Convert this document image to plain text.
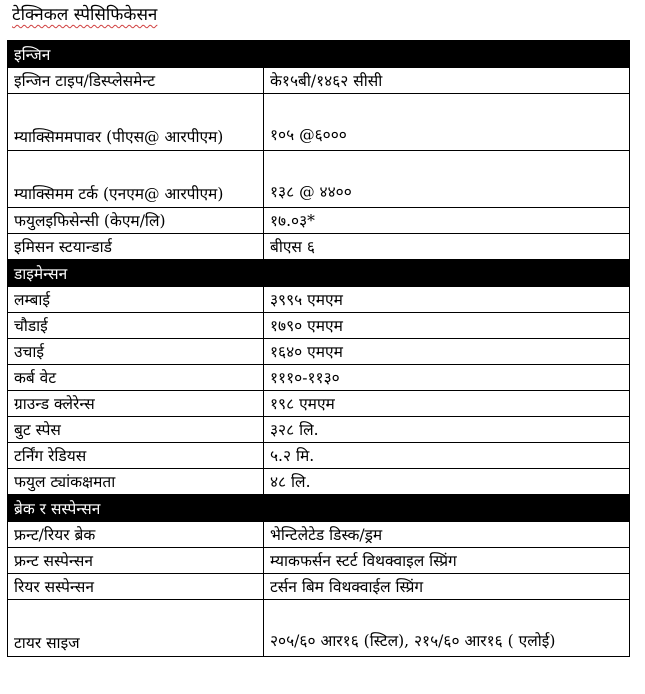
टेक्निकल स्पेसिफिकेसन
इन्जिन	
इन्जिन टाइप/डिस्प्लेसमेन्ट	के१५बी/१४६२ सीसी
म्याक्सिममपावर (पीएस@ आरपीएम)	१०५ @६०००
म्याक्सिमम टर्क (एनएम@ आरपीएम)	१३८ @ ४४००
फयुलइफिसेन्सी (केएम/लि)	१७.०३*
इमिसन स्टयान्डार्ड	बीएस ६
डाइमेन्सन	
लम्बाई	३९९५ एमएम
चौडाई	१७९० एमएम
उचाई	१६४० एमएम
कर्ब वेट	१११०-११३०
ग्राउन्ड क्लेरेन्स	१९८ एमएम
बुट स्पेस	३२८ लि.
टर्निंग रेडियस	५.२ मि.
फयुल ट्यांकक्षमता	४८ लि.
ब्रेक र सस्पेन्सन	
फ्रन्ट/रियर ब्रेक	भेन्टिलेटेड डिस्क/ड्रम
फ्रन्ट सस्पेन्सन	म्याकफर्सन स्टर्ट विथक्वाइल स्प्रिंग
रियर सस्पेन्सन	टर्सन बिम विथक्वाईल स्प्रिंग
टायर साइज	२०५/६० आर१६ (स्टिल), २१५/६० आर१६ ( एलोई)
